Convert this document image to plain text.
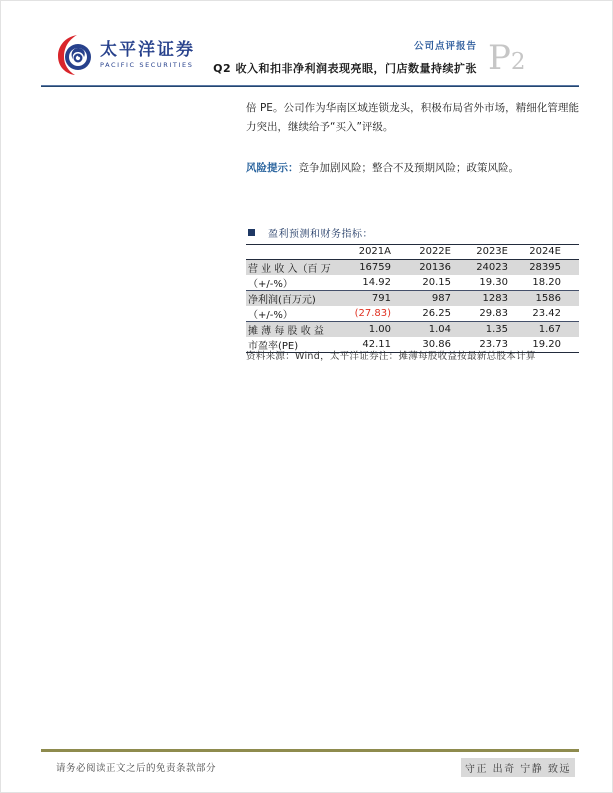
太平洋证券
PACIFIC SECURITIES
公司点评报告
Q2 收入和扣非净利润表现亮眼，门店数量持续扩张 P2
倍 PE。公司作为华南区域连锁龙头，积极布局省外市场，精细化管理能力突出，继续给予“买入”评级。
风险提示：竞争加剧风险；整合不及预期风险；政策风险。
盈利预测和财务指标：
	2021A	2022E	2023E	2024E
营 业 收 入（百 万	16759	20136	24023	28395
（+/-%）	14.92	20.15	19.30	18.20
净利润(百万元)	791	987	1283	1586
（+/-%）	(27.83)	26.25	29.83	23.42
摊 薄 每 股 收 益	1.00	1.04	1.35	1.67
市盈率(PE)	42.11	30.86	23.73	19.20
资料来源：Wind，太平洋证券注：摊薄每股收益按最新总股本计算
请务必阅读正文之后的免责条款部分	守正 出奇 宁静 致远
